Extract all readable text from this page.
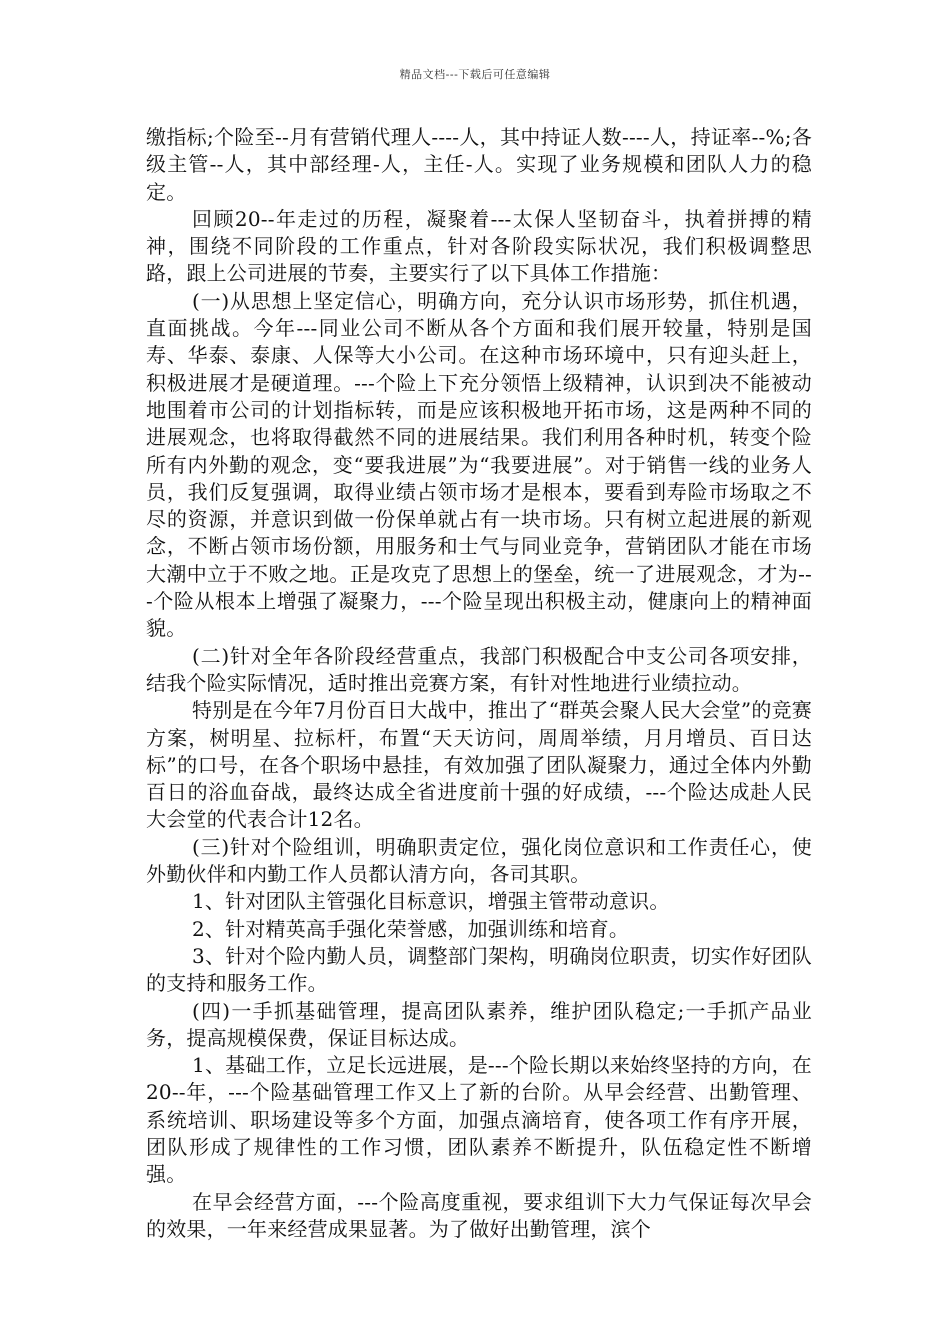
精品文档---下载后可任意编辑

缴指标;个险至--月有营销代理人----人，其中持证人数----人，持证率--%;各级主管--人，其中部经理-人，主任-人。实现了业务规模和团队人力的稳定。

回顾20--年走过的历程，凝聚着---太保人坚韧奋斗，执着拼搏的精神，围绕不同阶段的工作重点，针对各阶段实际状况，我们积极调整思路，跟上公司进展的节奏，主要实行了以下具体工作措施：

(一)从思想上坚定信心，明确方向，充分认识市场形势，抓住机遇，直面挑战。今年---同业公司不断从各个方面和我们展开较量，特别是国寿、华泰、泰康、人保等大小公司。在这种市场环境中，只有迎头赶上，积极进展才是硬道理。---个险上下充分领悟上级精神，认识到决不能被动地围着市公司的计划指标转，而是应该积极地开拓市场，这是两种不同的进展观念，也将取得截然不同的进展结果。我们利用各种时机，转变个险所有内外勤的观念，变“要我进展”为“我要进展”。对于销售一线的业务人员，我们反复强调，取得业绩占领市场才是根本，要看到寿险市场取之不尽的资源，并意识到做一份保单就占有一块市场。只有树立起进展的新观念，不断占领市场份额，用服务和士气与同业竞争，营销团队才能在市场大潮中立于不败之地。正是攻克了思想上的堡垒，统一了进展观念，才为---个险从根本上增强了凝聚力，---个险呈现出积极主动，健康向上的精神面貌。

(二)针对全年各阶段经营重点，我部门积极配合中支公司各项安排，结我个险实际情况，适时推出竞赛方案，有针对性地进行业绩拉动。

特别是在今年7月份百日大战中，推出了“群英会聚人民大会堂”的竞赛方案，树明星、拉标杆，布置“天天访问，周周举绩，月月增员、百日达标”的口号，在各个职场中悬挂，有效加强了团队凝聚力，通过全体内外勤百日的浴血奋战，最终达成全省进度前十强的好成绩，---个险达成赴人民大会堂的代表合计12名。

(三)针对个险组训，明确职责定位，强化岗位意识和工作责任心，使外勤伙伴和内勤工作人员都认清方向，各司其职。

1、针对团队主管强化目标意识，增强主管带动意识。

2、针对精英高手强化荣誉感，加强训练和培育。

3、针对个险内勤人员，调整部门架构，明确岗位职责，切实作好团队的支持和服务工作。

(四)一手抓基础管理，提高团队素养，维护团队稳定;一手抓产品业务，提高规模保费，保证目标达成。

1、基础工作，立足长远进展，是---个险长期以来始终坚持的方向，在20--年，---个险基础管理工作又上了新的台阶。从早会经营、出勤管理、系统培训、职场建设等多个方面，加强点滴培育，使各项工作有序开展，团队形成了规律性的工作习惯，团队素养不断提升，队伍稳定性不断增强。

在早会经营方面，---个险高度重视，要求组训下大力气保证每次早会的效果，一年来经营成果显著。为了做好出勤管理，滨个
